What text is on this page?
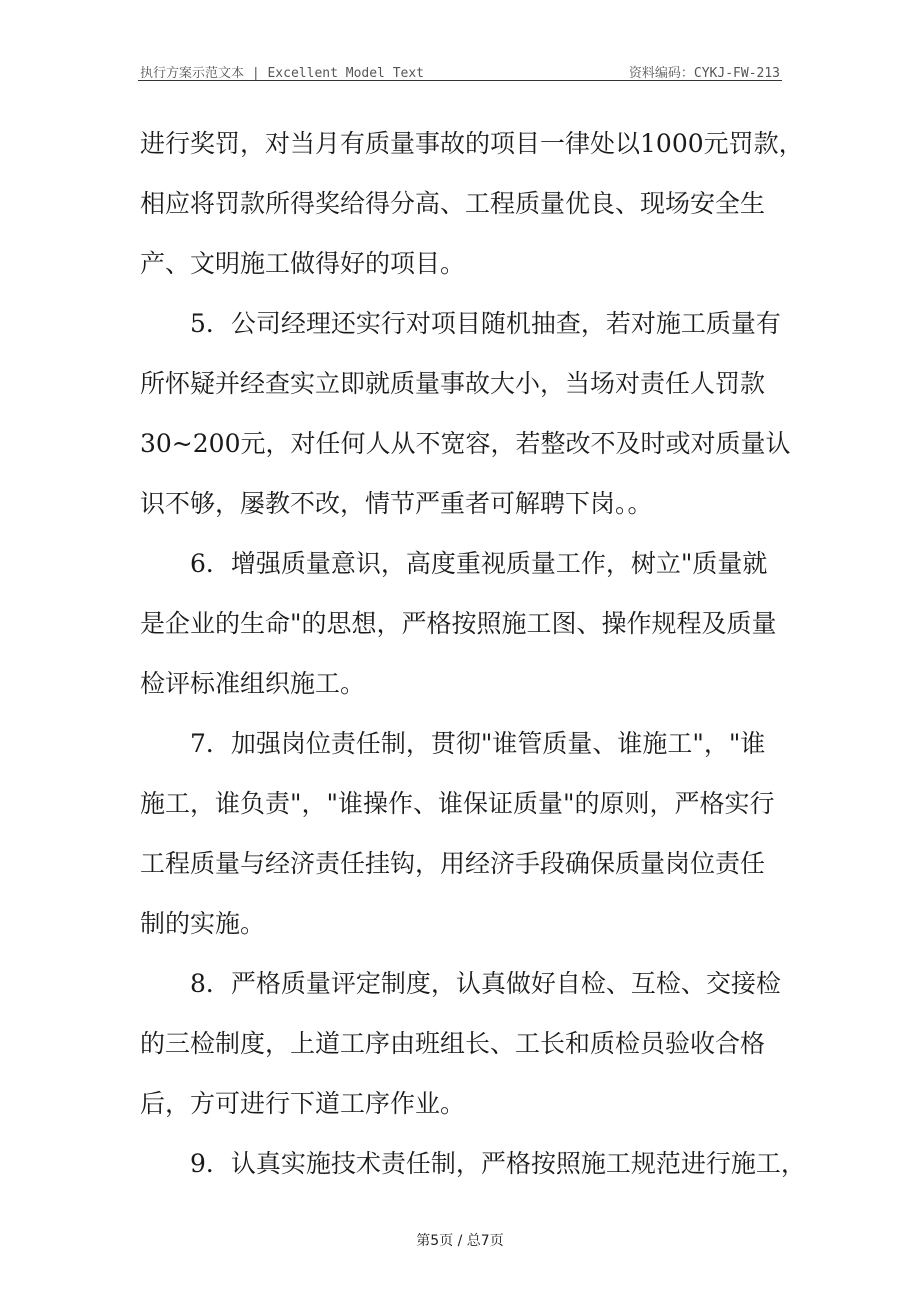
执行方案示范文本 | Excellent Model Text	资料编码：CYKJ-FW-213
进行奖罚，对当月有质量事故的项目一律处以1000元罚款，
相应将罚款所得奖给得分高、工程质量优良、现场安全生
产、文明施工做得好的项目。
5．公司经理还实行对项目随机抽查，若对施工质量有
所怀疑并经查实立即就质量事故大小，当场对责任人罚款
30~200元，对任何人从不宽容，若整改不及时或对质量认
识不够，屡教不改，情节严重者可解聘下岗。。
6．增强质量意识，高度重视质量工作，树立"质量就
是企业的生命"的思想，严格按照施工图、操作规程及质量
检评标准组织施工。
7．加强岗位责任制，贯彻"谁管质量、谁施工"，"谁
施工，谁负责"，"谁操作、谁保证质量"的原则，严格实行
工程质量与经济责任挂钩，用经济手段确保质量岗位责任
制的实施。
8．严格质量评定制度，认真做好自检、互检、交接检
的三检制度，上道工序由班组长、工长和质检员验收合格
后，方可进行下道工序作业。
9．认真实施技术责任制，严格按照施工规范进行施工，
第5页 / 总7页
